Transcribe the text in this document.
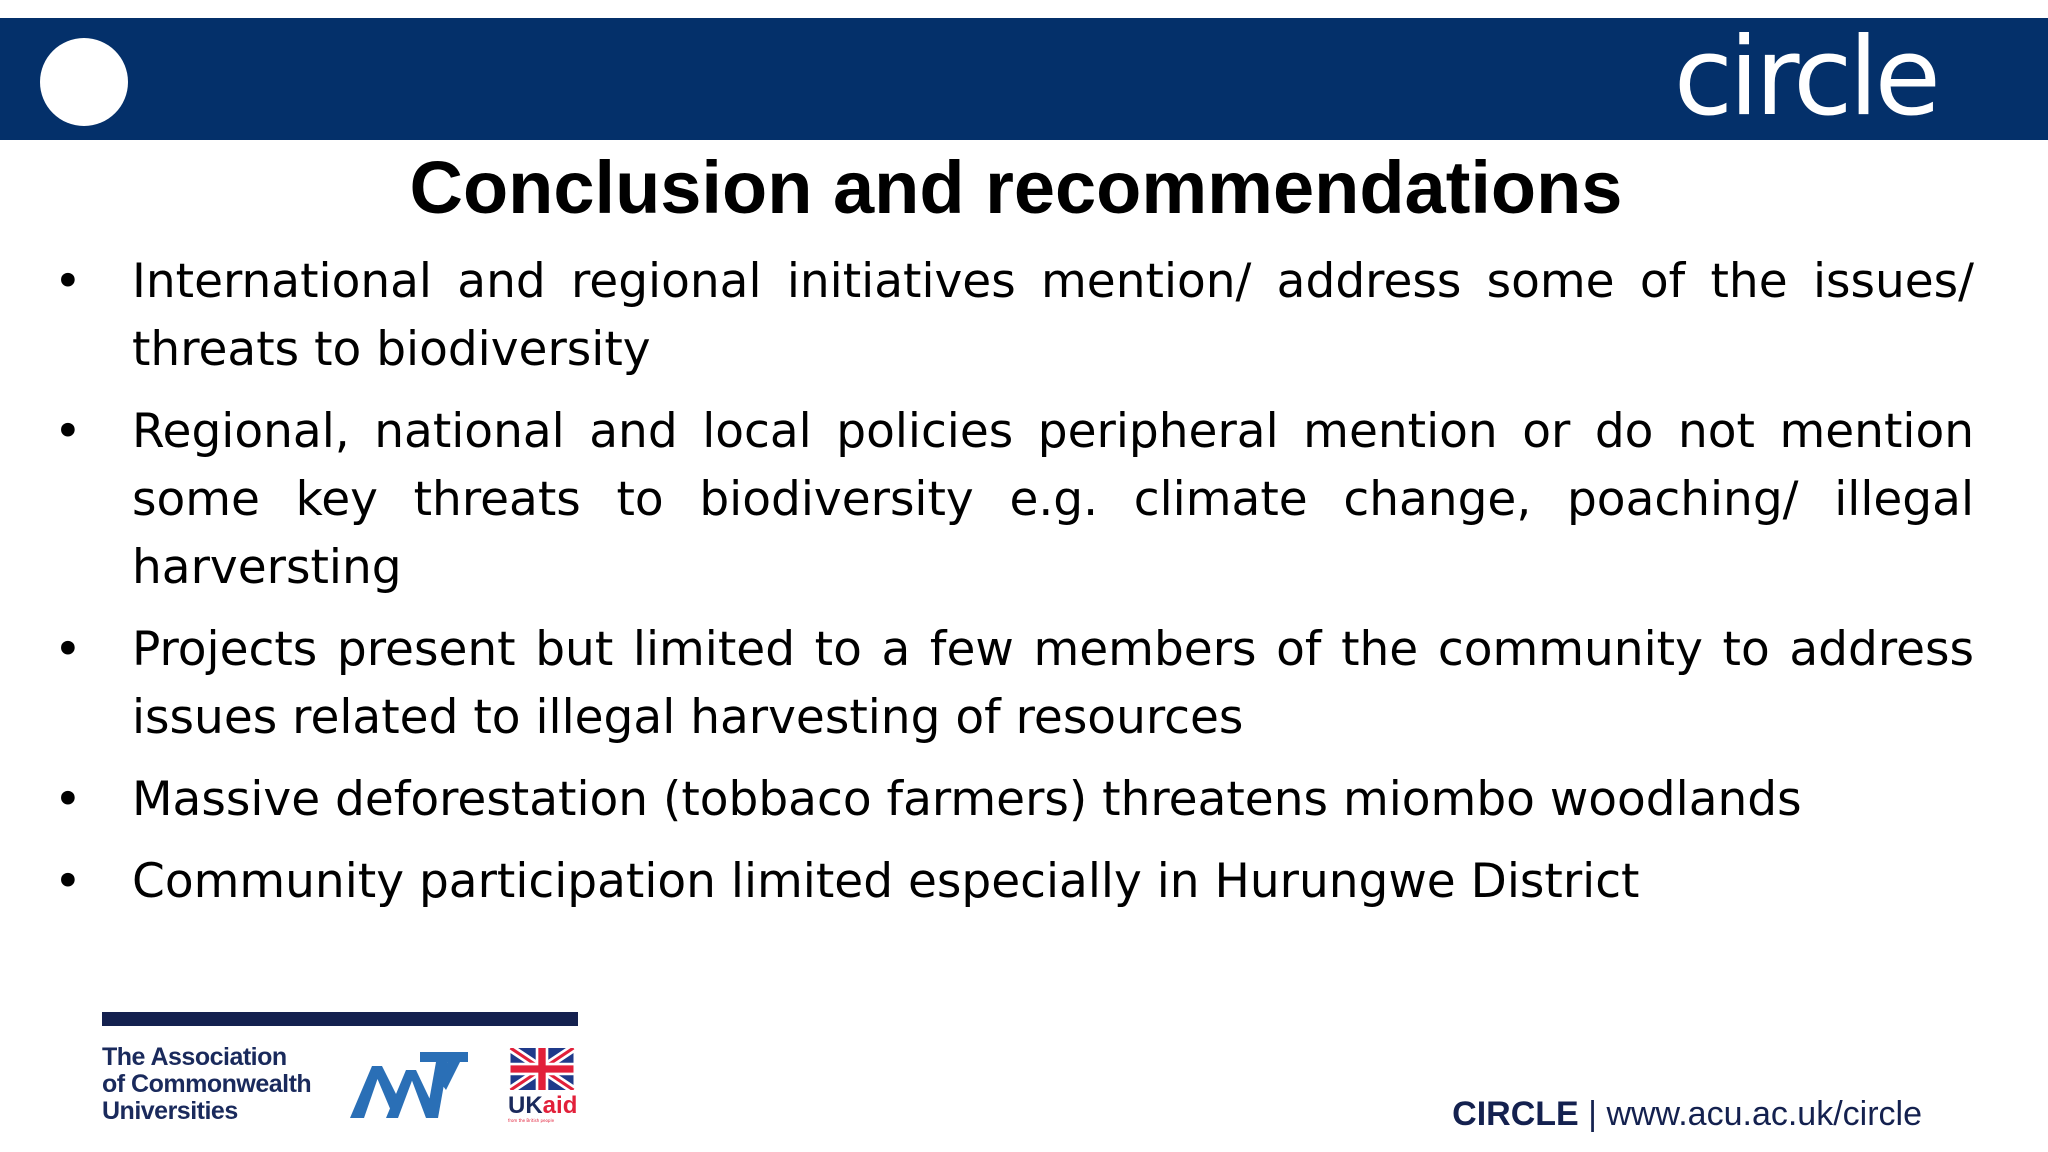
circle
Conclusion and recommendations
• International and regional initiatives mention/ address some of the issues/ threats to biodiversity
• Regional, national and local policies peripheral mention or do not mention some key threats to biodiversity e.g. climate change, poaching/ illegal harversting
• Projects present but limited to a few members of the community to address issues related to illegal harvesting of resources
• Massive deforestation (tobbaco farmers) threatens miombo woodlands
• Community participation limited especially in Hurungwe District
The Association
of Commonwealth
Universities	UKaid
from the British people	CIRCLE | www.acu.ac.uk/circle
